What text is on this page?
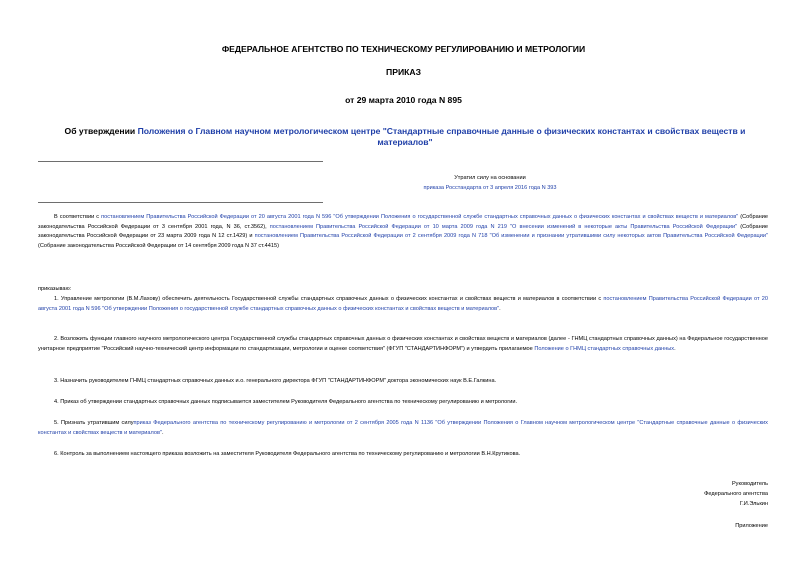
ФЕДЕРАЛЬНОЕ АГЕНТСТВО ПО ТЕХНИЧЕСКОМУ РЕГУЛИРОВАНИЮ И МЕТРОЛОГИИ
ПРИКАЗ
от 29 марта 2010 года N 895
Об утверждении Положения о Главном научном метрологическом центре "Стандартные справочные данные о физических константах и свойствах веществ и материалов"
Утратил силу на основании
приказа Росстандарта от 3 апреля 2016 года N 393
В соответствии с постановлением Правительства Российской Федерации от 20 августа 2001 года N 596 "Об утверждении Положения о государственной службе стандартных справочных данных о физических константах и свойствах веществ и материалов" (Собрание законодательства Российской Федерации от 3 сентября 2001 года, N 36, ст.3562), постановлением Правительства Российской Федерации от 10 марта 2009 года N 219 "О внесении изменений в некоторые акты Правительства Российской Федерации" (Собрание законодательства Российской Федерации от 23 марта 2009 года N 12 ст.1429) и постановлением Правительства Российской Федерации от 2 сентября 2009 года N 718 "Об изменении и признании утратившими силу некоторых актов Правительства Российской Федерации"(Собрание законодательства Российской Федерации от 14 сентября 2009 года N 37 ст.4415)
приказываю:
1. Управление метрологии (В.М.Лахову) обеспечить деятельность Государственной службы стандартных справочных данных о физических константах и свойствах веществ и материалов в соответствии с постановлением Правительства Российской Федерации от 20 августа 2001 года N 596 "Об утверждении Положения о государственной службе стандартных справочных данных о физических константах и свойствах веществ и материалов".
2. Возложить функции главного научного метрологического центра Государственной службы стандартных справочных данных о физических константах и свойствах веществ и материалов (далее - ГНМЦ стандартных справочных данных) на Федеральное государственное унитарное предприятие "Российский научно-технический центр информации по стандартизации, метрологии и оценке соответствия" (ФГУП "СТАНДАРТИНФОРМ") и утвердить прилагаемое Положение о ГНМЦ стандартных справочных данных.
3. Назначить руководителем ГНМЦ стандартных справочных данных и.о. генерального директора ФГУП "СТАНДАРТИНФОРМ" доктора экономических наук В.Е.Галкина.
4. Приказ об утверждении стандартных справочных данных подписывается заместителем Руководителя Федерального агентства по техническому регулированию и метрологии.
5. Признать утратившим силуприказ Федерального агентства по техническому регулированию и метрологии от 2 сентября 2005 года N 1136 "Об утверждении Положения о Главном научном метрологическом центре "Стандартные справочные данные о физических константах и свойствах веществ и материалов".
6. Контроль за выполнением настоящего приказа возложить на заместителя Руководителя Федерального агентства по техническому регулированию и метрологии В.Н.Крутикова.
Руководитель
Федерального агентства
Г.И.Элькин
Приложение
